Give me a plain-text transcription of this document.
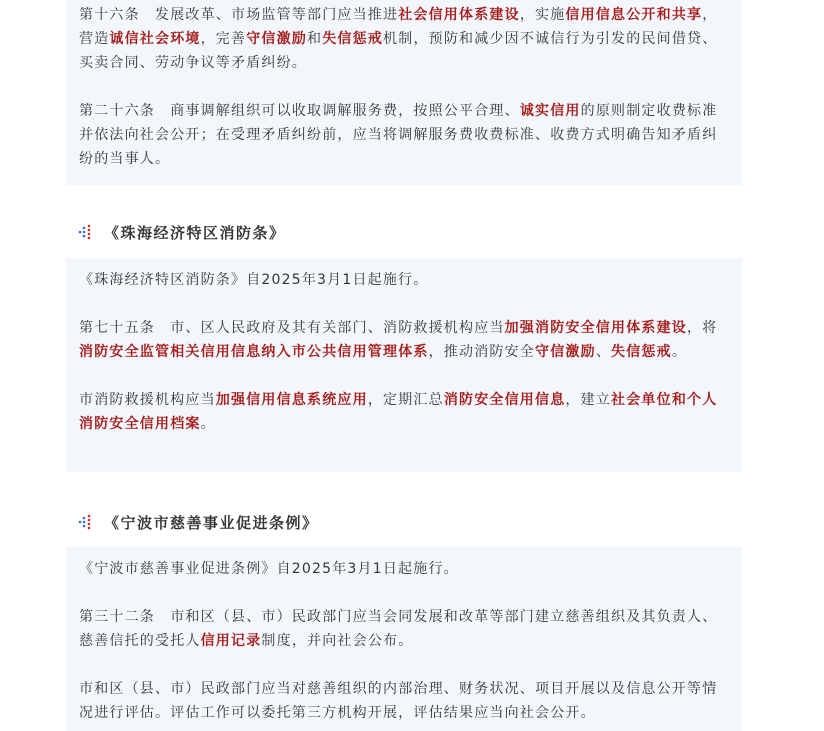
第十六条　发展改革、市场监管等部门应当推进社会信用体系建设，实施信用信息公开和共享，营造诚信社会环境，完善守信激励和失信惩戒机制，预防和减少因不诚信行为引发的民间借贷、买卖合同、劳动争议等矛盾纠纷。

第二十六条　商事调解组织可以收取调解服务费，按照公平合理、诚实信用的原则制定收费标准并依法向社会公开；在受理矛盾纠纷前，应当将调解服务费收费标准、收费方式明确告知矛盾纠纷的当事人。

《珠海经济特区消防条》

《珠海经济特区消防条》自2025年3月1日起施行。

第七十五条　市、区人民政府及其有关部门、消防救援机构应当加强消防安全信用体系建设，将消防安全监管相关信用信息纳入市公共信用管理体系，推动消防安全守信激励、失信惩戒。

市消防救援机构应当加强信用信息系统应用，定期汇总消防安全信用信息，建立社会单位和个人消防安全信用档案。

《宁波市慈善事业促进条例》

《宁波市慈善事业促进条例》自2025年3月1日起施行。

第三十二条　市和区（县、市）民政部门应当会同发展和改革等部门建立慈善组织及其负责人、慈善信托的受托人信用记录制度，并向社会公布。

市和区（县、市）民政部门应当对慈善组织的内部治理、财务状况、项目开展以及信息公开等情况进行评估。评估工作可以委托第三方机构开展，评估结果应当向社会公开。
